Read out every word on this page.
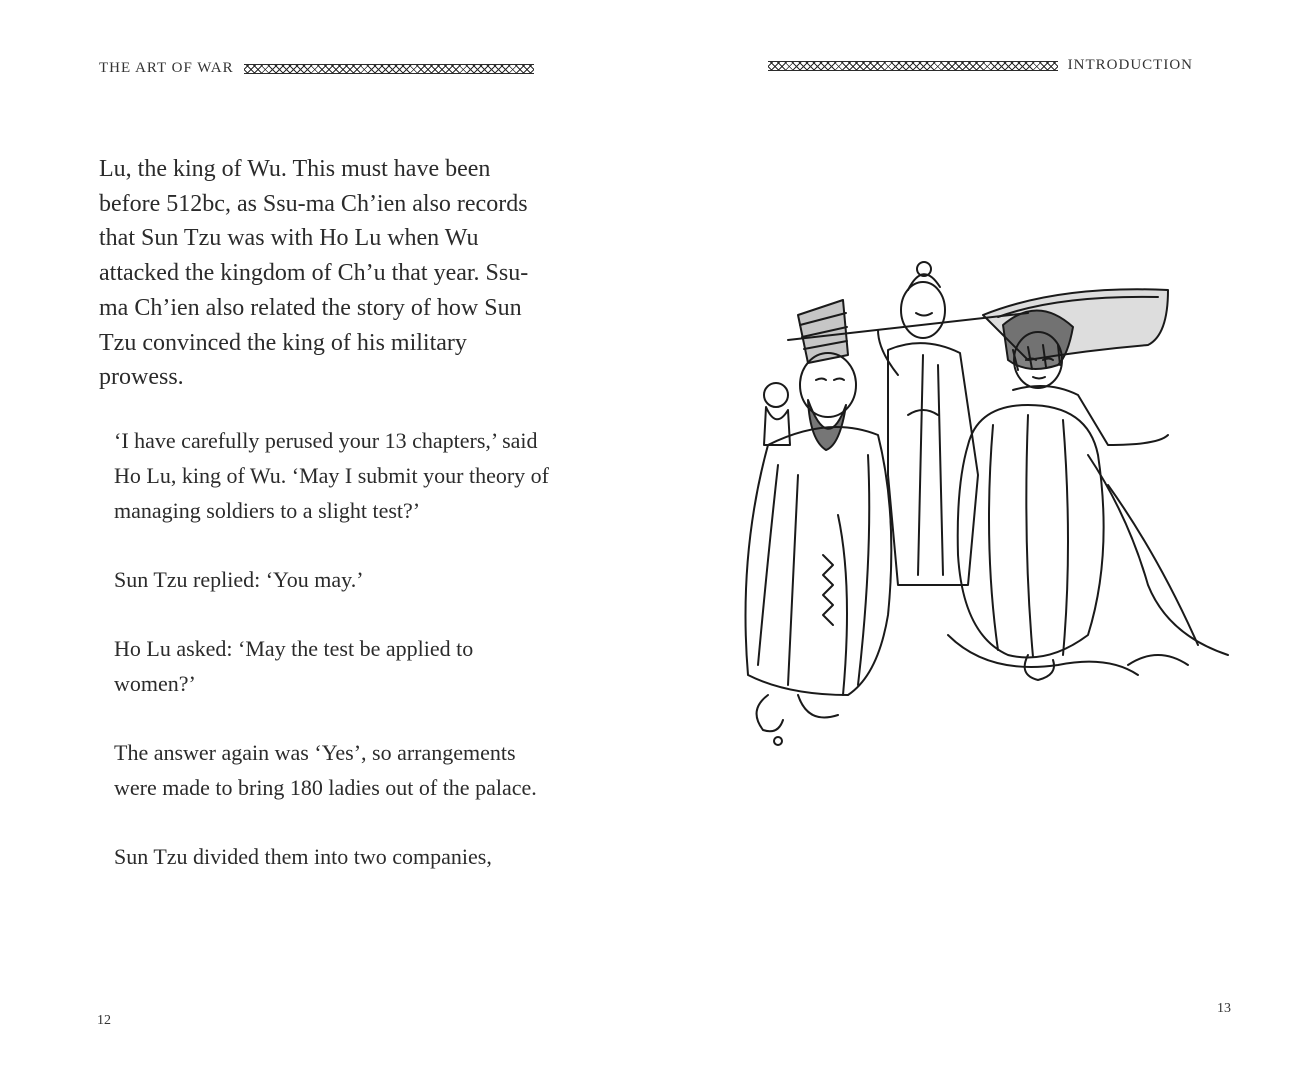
THE ART OF WAR

Lu, the king of Wu. This must have been before 512bc, as Ssu-ma Ch’ien also records that Sun Tzu was with Ho Lu when Wu attacked the kingdom of Ch’u that year. Ssu-ma Ch’ien also related the story of how Sun Tzu convinced the king of his military prowess.

‘I have carefully perused your 13 chapters,’ said Ho Lu, king of Wu. ‘May I submit your theory of managing soldiers to a slight test?’

Sun Tzu replied: ‘You may.’

Ho Lu asked: ‘May the test be applied to women?’

The answer again was ‘Yes’, so arrangements were made to bring 180 ladies out of the palace.

Sun Tzu divided them into two companies,

12
INTRODUCTION
13
